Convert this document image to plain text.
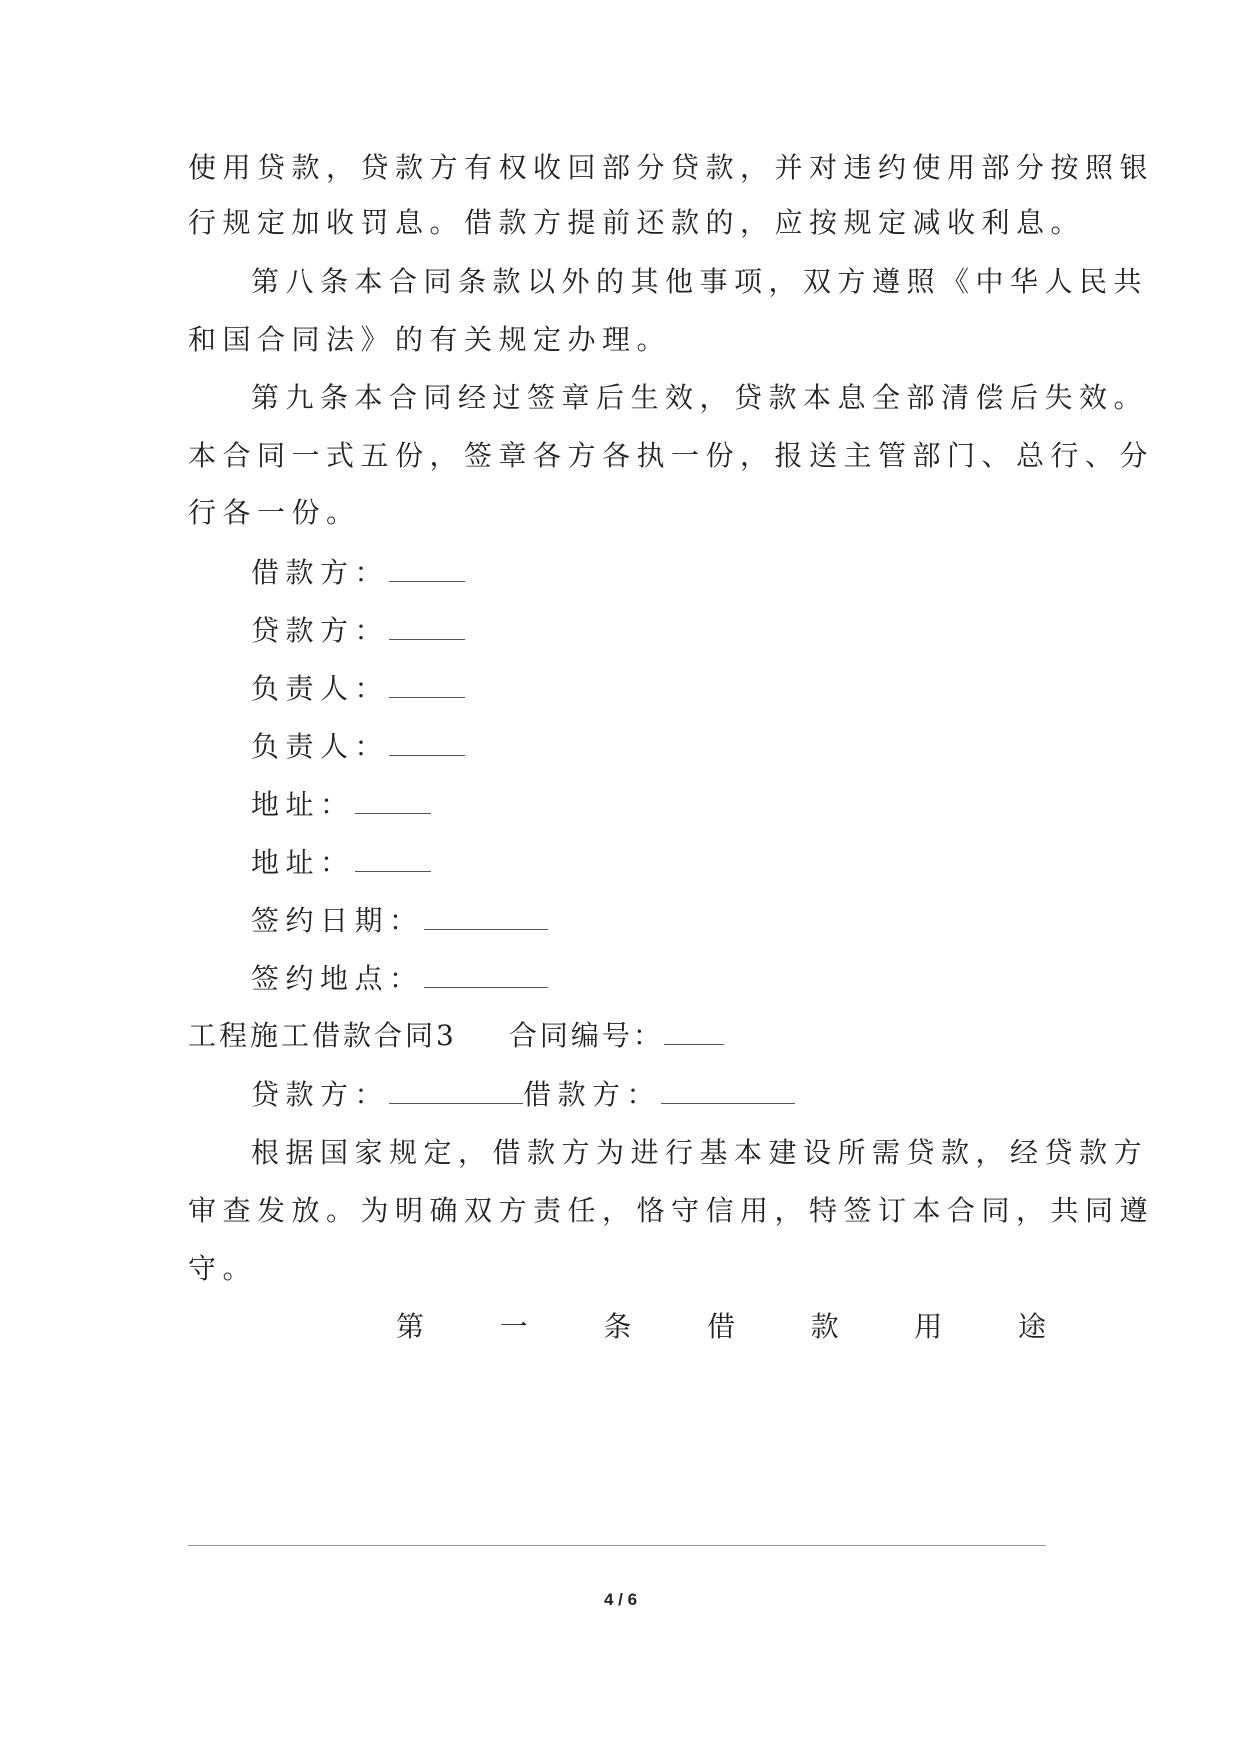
使用贷款，贷款方有权收回部分贷款，并对违约使用部分按照银
行规定加收罚息。借款方提前还款的，应按规定减收利息。
第八条本合同条款以外的其他事项，双方遵照《中华人民共
和国合同法》的有关规定办理。
第九条本合同经过签章后生效，贷款本息全部清偿后失效。
本合同一式五份，签章各方各执一份，报送主管部门、总行、分
行各一份。
借款方：
贷款方：
负责人：
负责人：
地址：
地址：
签约日期：
签约地点：
工程施工借款合同3 合同编号：
贷款方：	借款方：
根据国家规定，借款方为进行基本建设所需贷款，经贷款方
审查发放。为明确双方责任，恪守信用，特签订本合同，共同遵
守。
第	一	条	借	款	用	途
4 / 6
